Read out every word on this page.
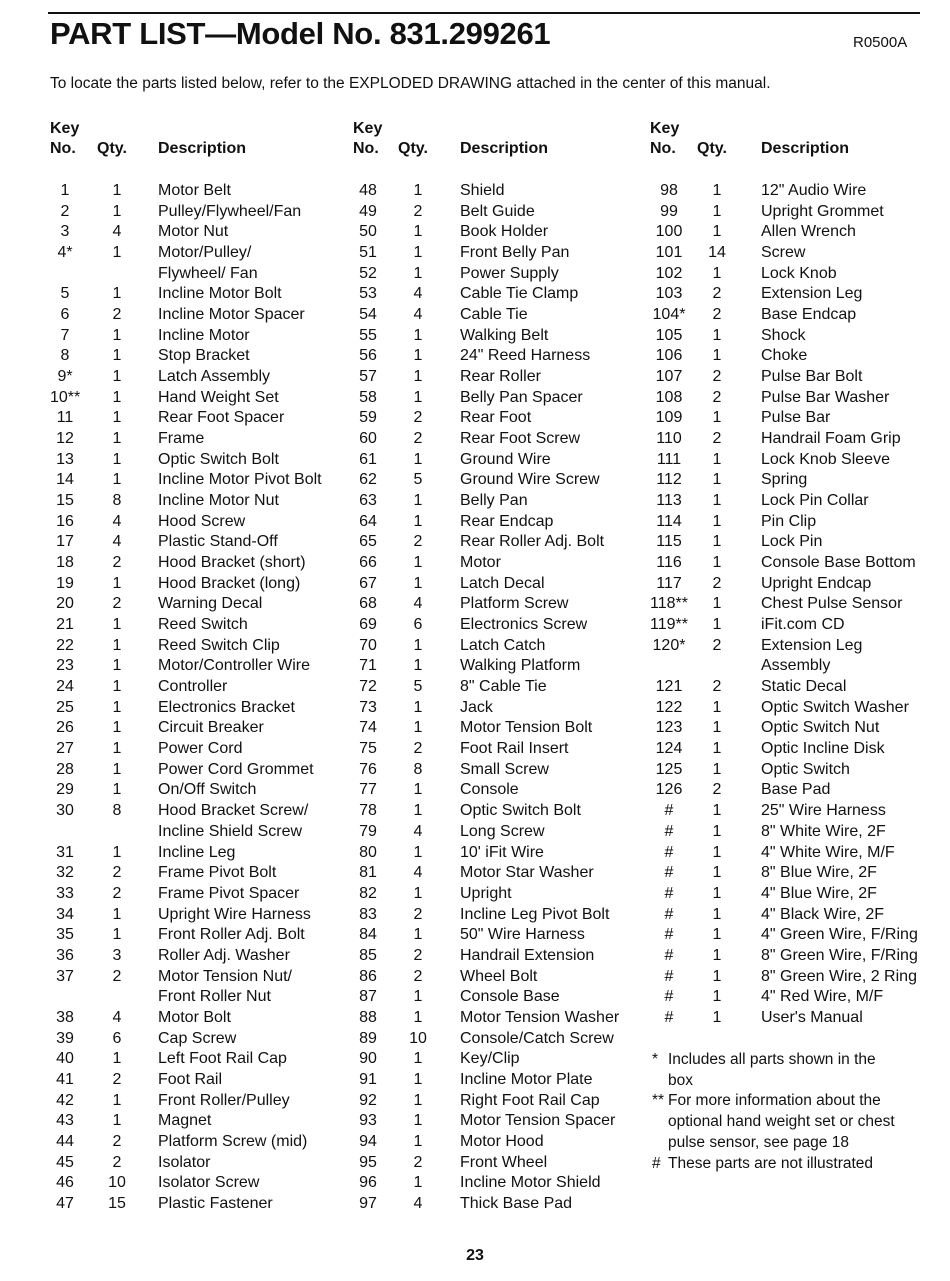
PART LIST—Model No. 831.299261	R0500A
To locate the parts listed below, refer to the EXPLODED DRAWING attached in the center of this manual.
Key
No. Qty. Description
1	1	Motor Belt
2	1	Pulley/Flywheel/Fan
3	4	Motor Nut
4*	1	Motor/Pulley/
Flywheel/ Fan
5	1	Incline Motor Bolt
6	2	Incline Motor Spacer
7	1	Incline Motor
8	1	Stop Bracket
9*	1	Latch Assembly
10**	1	Hand Weight Set
11	1	Rear Foot Spacer
12	1	Frame
13	1	Optic Switch Bolt
14	1	Incline Motor Pivot Bolt
15	8	Incline Motor Nut
16	4	Hood Screw
17	4	Plastic Stand-Off
18	2	Hood Bracket (short)
19	1	Hood Bracket (long)
20	2	Warning Decal
21	1	Reed Switch
22	1	Reed Switch Clip
23	1	Motor/Controller Wire
24	1	Controller
25	1	Electronics Bracket
26	1	Circuit Breaker
27	1	Power Cord
28	1	Power Cord Grommet
29	1	On/Off Switch
30	8	Hood Bracket Screw/
Incline Shield Screw
31	1	Incline Leg
32	2	Frame Pivot Bolt
33	2	Frame Pivot Spacer
34	1	Upright Wire Harness
35	1	Front Roller Adj. Bolt
36	3	Roller Adj. Washer
37	2	Motor Tension Nut/
Front Roller Nut
38	4	Motor Bolt
39	6	Cap Screw
40	1	Left Foot Rail Cap
41	2	Foot Rail
42	1	Front Roller/Pulley
43	1	Magnet
44	2	Platform Screw (mid)
45	2	Isolator
46	10	Isolator Screw
47	15	Plastic Fastener
Key
No. Qty. Description
48	1	Shield
49	2	Belt Guide
50	1	Book Holder
51	1	Front Belly Pan
52	1	Power Supply
53	4	Cable Tie Clamp
54	4	Cable Tie
55	1	Walking Belt
56	1	24" Reed Harness
57	1	Rear Roller
58	1	Belly Pan Spacer
59	2	Rear Foot
60	2	Rear Foot Screw
61	1	Ground Wire
62	5	Ground Wire Screw
63	1	Belly Pan
64	1	Rear Endcap
65	2	Rear Roller Adj. Bolt
66	1	Motor
67	1	Latch Decal
68	4	Platform Screw
69	6	Electronics Screw
70	1	Latch Catch
71	1	Walking Platform
72	5	8" Cable Tie
73	1	Jack
74	1	Motor Tension Bolt
75	2	Foot Rail Insert
76	8	Small Screw
77	1	Console
78	1	Optic Switch Bolt
79	4	Long Screw
80	1	10' iFit Wire
81	4	Motor Star Washer
82	1	Upright
83	2	Incline Leg Pivot Bolt
84	1	50" Wire Harness
85	2	Handrail Extension
86	2	Wheel Bolt
87	1	Console Base
88	1	Motor Tension Washer
89	10	Console/Catch Screw
90	1	Key/Clip
91	1	Incline Motor Plate
92	1	Right Foot Rail Cap
93	1	Motor Tension Spacer
94	1	Motor Hood
95	2	Front Wheel
96	1	Incline Motor Shield
97	4	Thick Base Pad
Key
No. Qty. Description
98	1	12" Audio Wire
99	1	Upright Grommet
100	1	Allen Wrench
101	14	Screw
102	1	Lock Knob
103	2	Extension Leg
104*	2	Base Endcap
105	1	Shock
106	1	Choke
107	2	Pulse Bar Bolt
108	2	Pulse Bar Washer
109	1	Pulse Bar
110	2	Handrail Foam Grip
111	1	Lock Knob Sleeve
112	1	Spring
113	1	Lock Pin Collar
114	1	Pin Clip
115	1	Lock Pin
116	1	Console Base Bottom
117	2	Upright Endcap
118**	1	Chest Pulse Sensor
119**	1	iFit.com CD
120*	2	Extension Leg
Assembly
121	2	Static Decal
122	1	Optic Switch Washer
123	1	Optic Switch Nut
124	1	Optic Incline Disk
125	1	Optic Switch
126	2	Base Pad
#	1	25" Wire Harness
#	1	8" White Wire, 2F
#	1	4" White Wire, M/F
#	1	8" Blue Wire, 2F
#	1	4" Blue Wire, 2F
#	1	4" Black Wire, 2F
#	1	4" Green Wire, F/Ring
#	1	8" Green Wire, F/Ring
#	1	8" Green Wire, 2 Ring
#	1	4" Red Wire, M/F
#	1	User's Manual
* Includes all parts shown in the
box
** For more information about the
optional hand weight set or chest
pulse sensor, see page 18
# These parts are not illustrated
23
